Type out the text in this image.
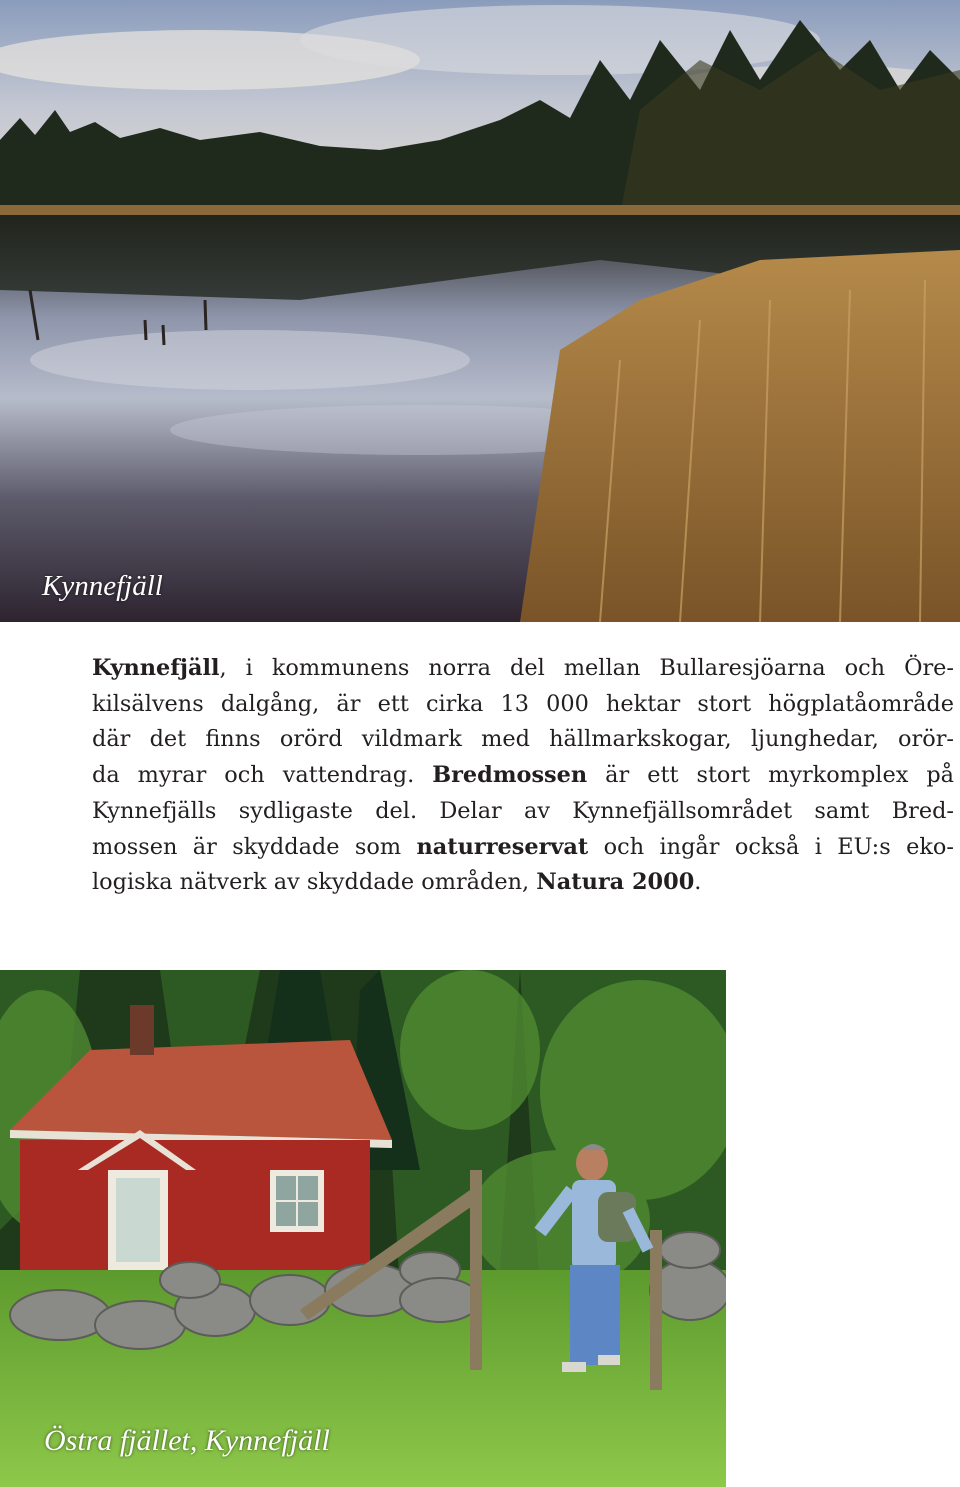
Kynnefjäll
Kynnefjäll, i kommunens norra del mellan Bullaresjöarna och Öre-
kilsälvens dalgång, är ett cirka 13 000 hektar stort högplatåområde
där det finns orörd vildmark med hällmarkskogar, ljunghedar, orör-
da myrar och vattendrag. Bredmossen är ett stort myrkomplex på
Kynnefjälls sydligaste del. Delar av Kynnefjällsområdet samt Bred-
mossen är skyddade som naturreservat och ingår också i EU:s eko-
logiska nätverk av skyddade områden, Natura 2000.
Östra fjället, Kynnefjäll
